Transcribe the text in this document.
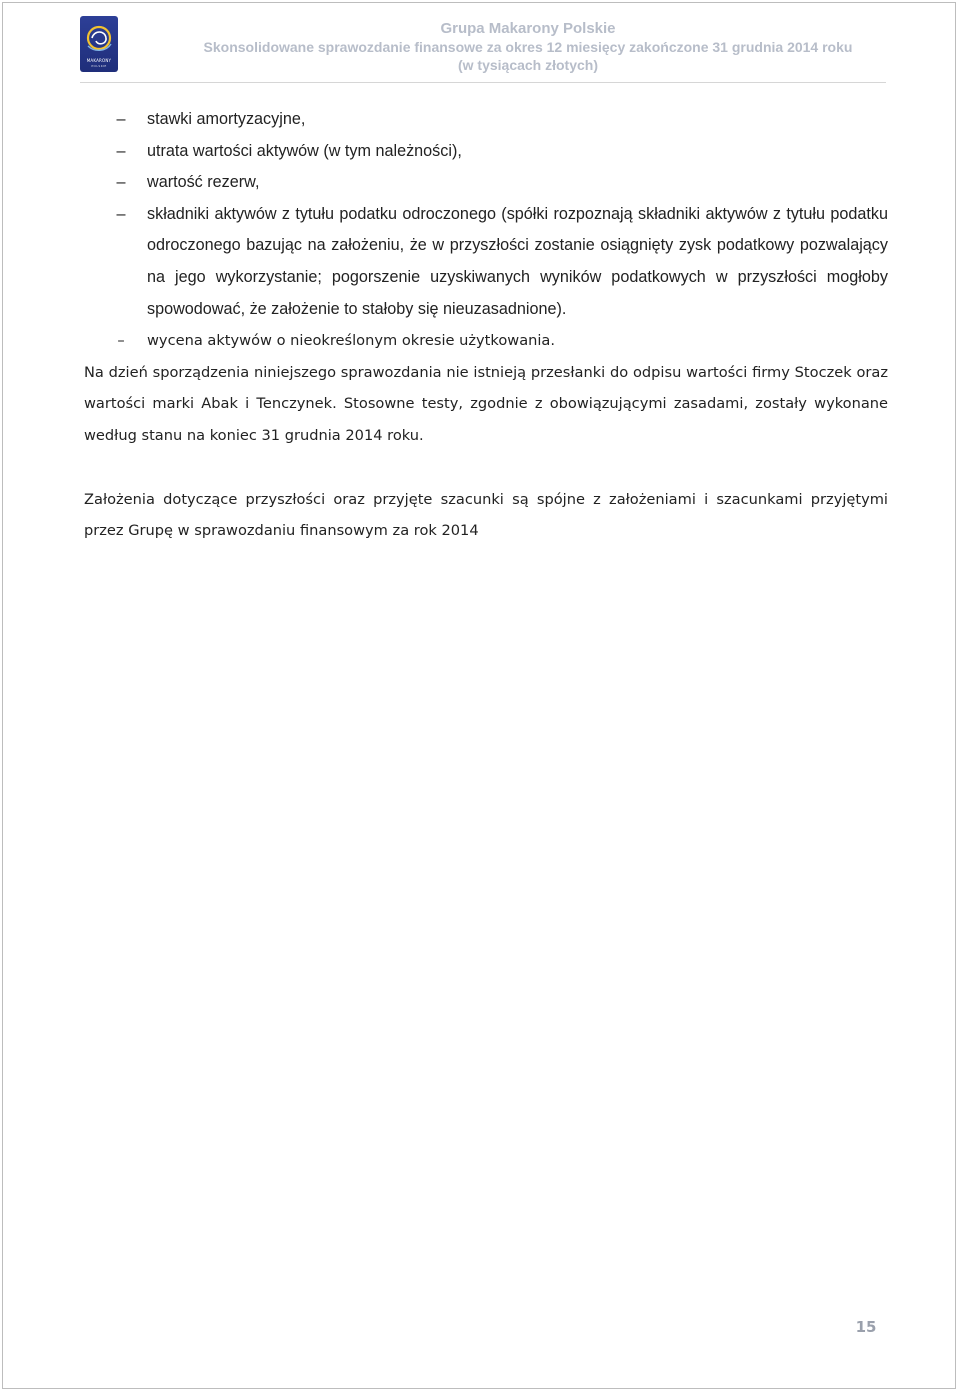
MAKARONY
POLSKIE
Grupa Makarony Polskie
Skonsolidowane sprawozdanie finansowe za okres 12 miesięcy zakończone 31 grudnia 2014 roku
(w tysiącach złotych)
–	stawki amortyzacyjne,
–	utrata wartości aktywów (w tym należności),
–	wartość rezerw,
–	składniki aktywów z tytułu podatku odroczonego (spółki rozpoznają składniki aktywów z tytułu podatku odroczonego bazując na założeniu, że w przyszłości zostanie osiągnięty zysk podatkowy pozwalający na jego wykorzystanie; pogorszenie uzyskiwanych wyników podatkowych w przyszłości mogłoby spowodować, że założenie to stałoby się nieuzasadnione).
–	wycena aktywów o nieokreślonym okresie użytkowania.

Na dzień sporządzenia niniejszego sprawozdania nie istnieją przesłanki do odpisu wartości firmy Stoczek oraz wartości marki Abak i Tenczynek. Stosowne testy, zgodnie z obowiązującymi zasadami, zostały wykonane według stanu na koniec 31 grudnia 2014 roku.

Założenia dotyczące przyszłości oraz przyjęte szacunki są spójne z założeniami i szacunkami przyjętymi przez Grupę w sprawozdaniu finansowym za rok 2014

15
